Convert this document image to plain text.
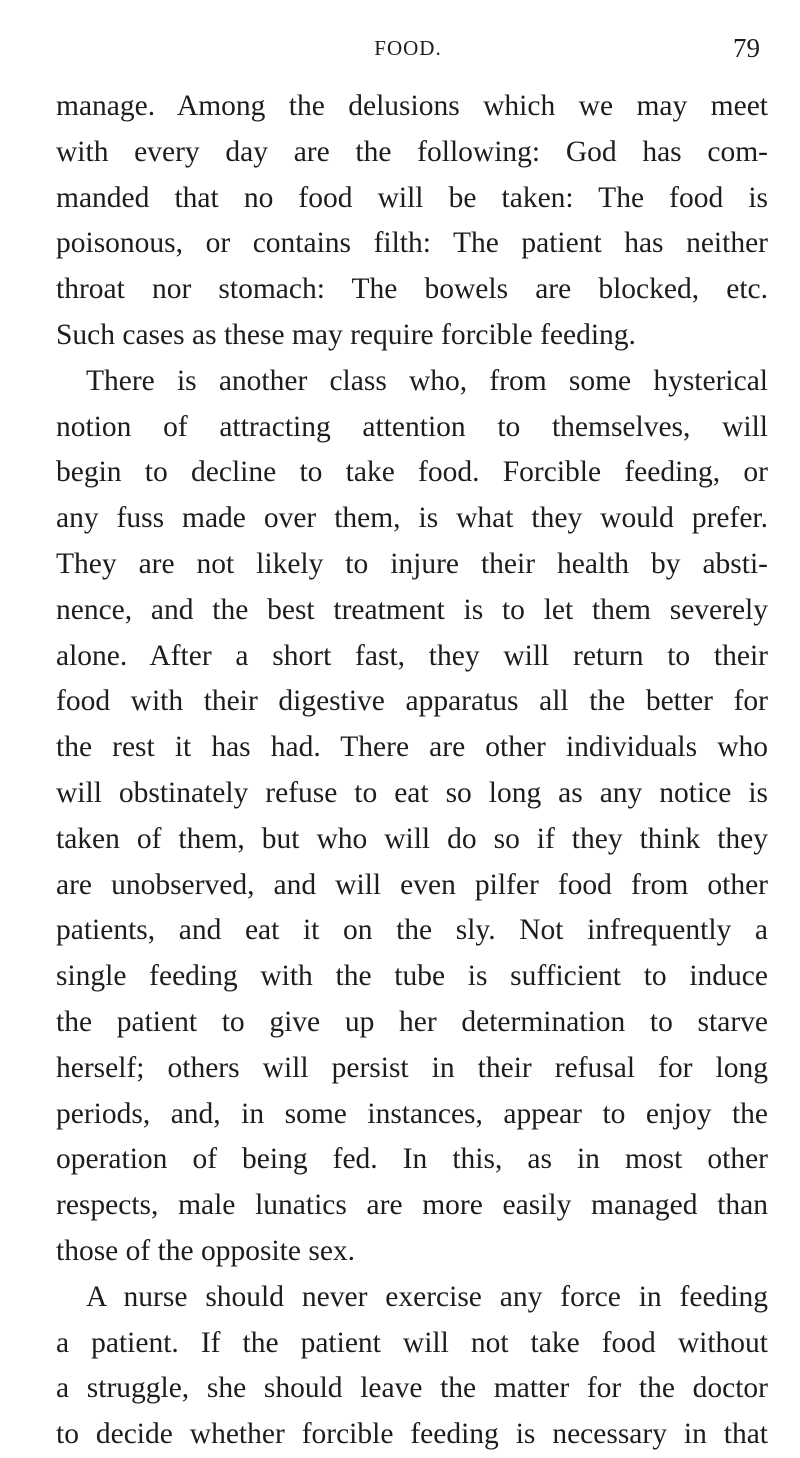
FOOD.	79
manage. Among the delusions which we may meet
with every day are the following: God has com-
manded that no food will be taken: The food is
poisonous, or contains filth: The patient has neither
throat nor stomach: The bowels are blocked, etc.
Such cases as these may require forcible feeding.
There is another class who, from some hysterical
notion of attracting attention to themselves, will
begin to decline to take food. Forcible feeding, or
any fuss made over them, is what they would prefer.
They are not likely to injure their health by absti-
nence, and the best treatment is to let them severely
alone. After a short fast, they will return to their
food with their digestive apparatus all the better for
the rest it has had. There are other individuals who
will obstinately refuse to eat so long as any notice is
taken of them, but who will do so if they think they
are unobserved, and will even pilfer food from other
patients, and eat it on the sly. Not infrequently a
single feeding with the tube is sufficient to induce
the patient to give up her determination to starve
herself; others will persist in their refusal for long
periods, and, in some instances, appear to enjoy the
operation of being fed. In this, as in most other
respects, male lunatics are more easily managed than
those of the opposite sex.
A nurse should never exercise any force in feeding
a patient. If the patient will not take food without
a struggle, she should leave the matter for the doctor
to decide whether forcible feeding is necessary in that
